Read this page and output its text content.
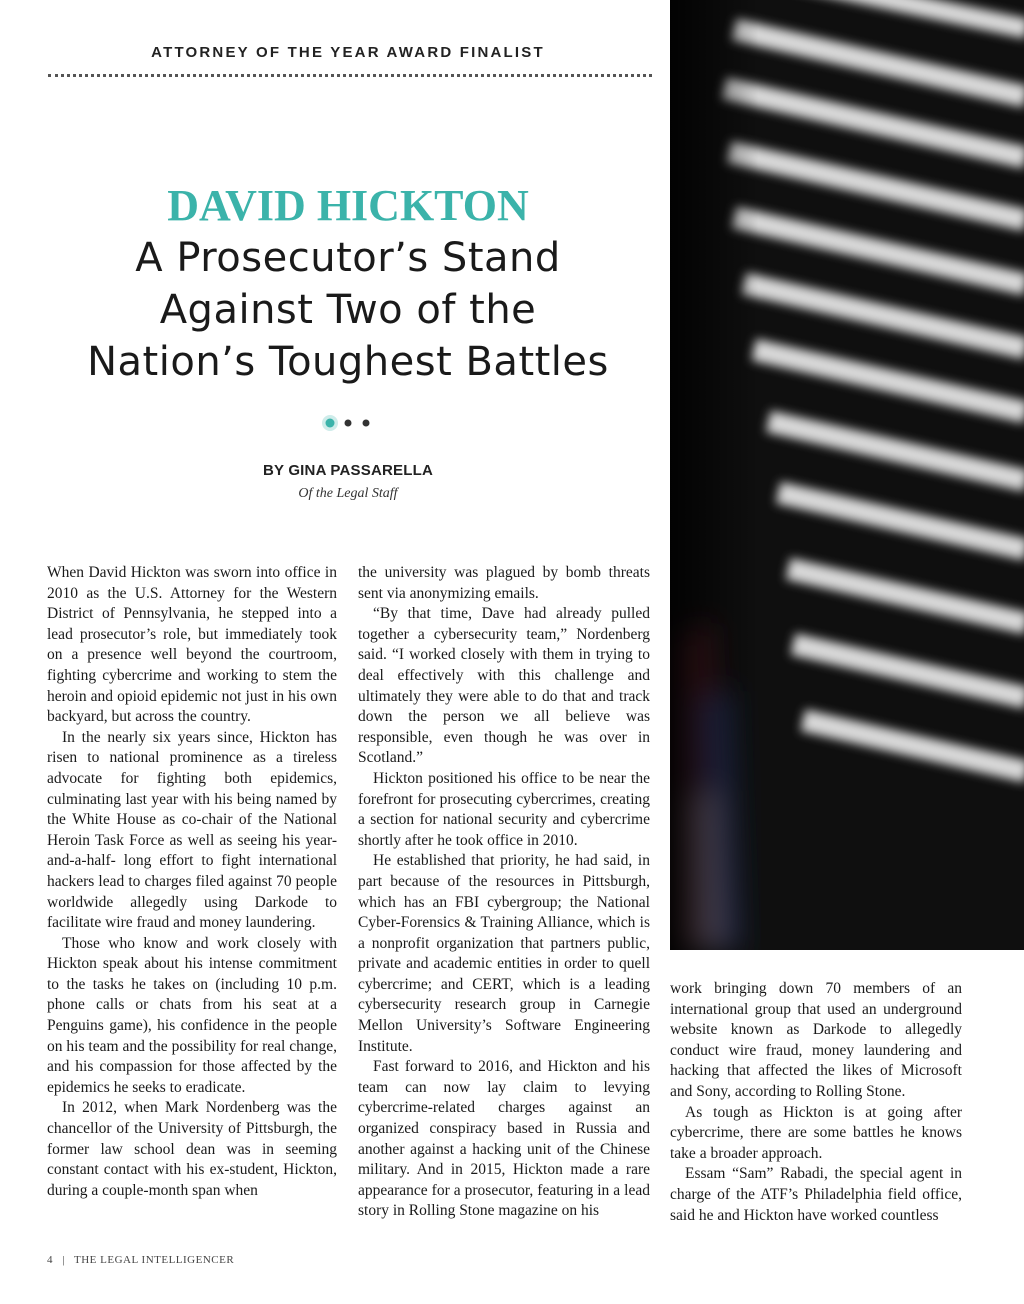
ATTORNEY OF THE YEAR AWARD FINALIST
DAVID HICKTON
A Prosecutor’s Stand
Against Two of the
Nation’s Toughest Battles
BY GINA PASSARELLA
Of the Legal Staff

When David Hickton was sworn into office in 2010 as the U.S. Attorney for the Western District of Pennsylvania, he stepped into a lead prosecutor’s role, but immediately took on a presence well beyond the courtroom, fighting cybercrime and working to stem the heroin and opioid epidemic not just in his own backyard, but across the country.

In the nearly six years since, Hickton has risen to national prominence as a tireless advocate for fighting both epidemics, culminating last year with his being named by the White House as co-chair of the National Heroin Task Force as well as seeing his year-and-a-half- long effort to fight international hackers lead to charges filed against 70 people worldwide allegedly using Darkode to facilitate wire fraud and money laundering.

Those who know and work closely with Hickton speak about his intense commitment to the tasks he takes on (including 10 p.m. phone calls or chats from his seat at a Penguins game), his confidence in the people on his team and the possibility for real change, and his compassion for those affected by the epidemics he seeks to eradicate.

In 2012, when Mark Nordenberg was the chancellor of the University of Pittsburgh, the former law school dean was in seeming constant contact with his ex-student, Hickton, during a couple-month span when

the university was plagued by bomb threats sent via anonymizing emails.

“By that time, Dave had already pulled together a cybersecurity team,” Nordenberg said. “I worked closely with them in trying to deal effectively with this challenge and ultimately they were able to do that and track down the person we all believe was responsible, even though he was over in Scotland.”

Hickton positioned his office to be near the forefront for prosecuting cybercrimes, creating a section for national security and cybercrime shortly after he took office in 2010.

He established that priority, he had said, in part because of the resources in Pittsburgh, which has an FBI cybergroup; the National Cyber-Forensics & Training Alliance, which is a nonprofit organization that partners public, private and academic entities in order to quell cybercrime; and CERT, which is a leading cybersecurity research group in Carnegie Mellon University’s Software Engineering Institute.

Fast forward to 2016, and Hickton and his team can now lay claim to levying cybercrime-related charges against an organized conspiracy based in Russia and another against a hacking unit of the Chinese military. And in 2015, Hickton made a rare appearance for a prosecutor, featuring in a lead story in Rolling Stone magazine on his

work bringing down 70 members of an international group that used an underground website known as Darkode to allegedly conduct wire fraud, money laundering and hacking that affected the likes of Microsoft and Sony, according to Rolling Stone.

As tough as Hickton is at going after cybercrime, there are some battles he knows take a broader approach.

Essam “Sam” Rabadi, the special agent in charge of the ATF’s Philadelphia field office, said he and Hickton have worked countless

4 | THE LEGAL INTELLIGENCER
